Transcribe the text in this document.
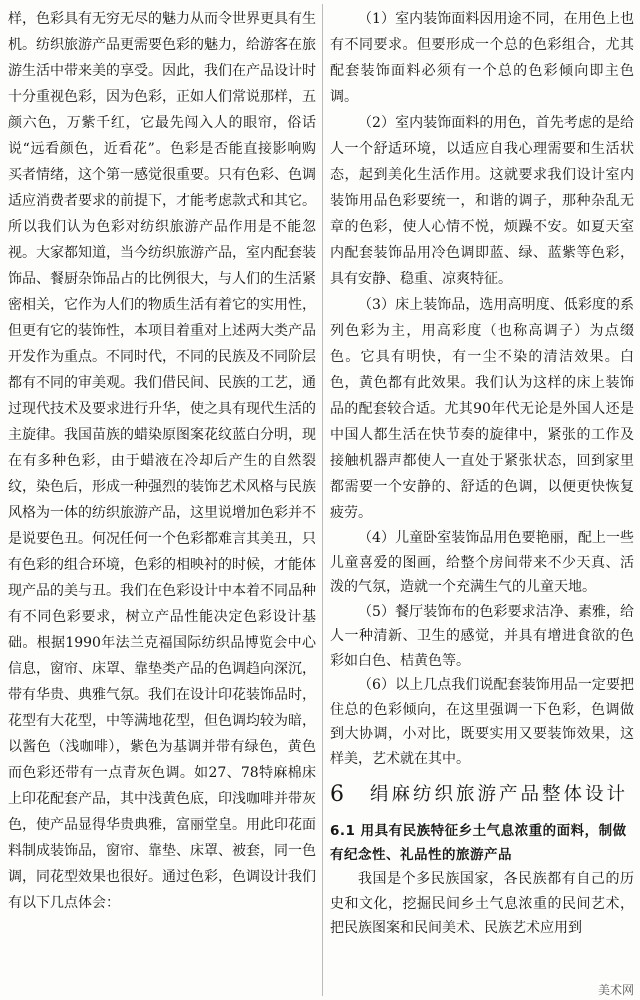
样，色彩具有无穷无尽的魅力从而令世界更具有生机。纺织旅游产品更需要色彩的魅力，给游客在旅游生活中带来美的享受。因此，我们在产品设计时十分重视色彩，因为色彩，正如人们常说那样，五颜六色，万紫千红，它最先闯入人的眼帘，俗话说“远看颜色，近看花”。色彩是否能直接影响购买者情绪，这个第一感觉很重要。只有色彩、色调适应消费者要求的前提下，才能考虑款式和其它。所以我们认为色彩对纺织旅游产品作用是不能忽视。大家都知道，当今纺织旅游产品，室内配套装饰品、餐厨杂饰品占的比例很大，与人们的生活紧密相关，它作为人们的物质生活有着它的实用性，但更有它的装饰性，本项目着重对上述两大类产品开发作为重点。不同时代，不同的民族及不同阶层都有不同的审美观。我们借民间、民族的工艺，通过现代技术及要求进行升华，使之具有现代生活的主旋律。我国苗族的蜡染原图案花纹蓝白分明，现在有多种色彩，由于蜡液在冷却后产生的自然裂纹，染色后，形成一种强烈的装饰艺术风格与民族风格为一体的纺织旅游产品，这里说增加色彩并不是说要色丑。何况任何一个色彩都难言其美丑，只有色彩的组合环境，色彩的相映衬的时候，才能体现产品的美与丑。我们在色彩设计中本着不同品种有不同色彩要求，树立产品性能决定色彩设计基础。根据1990年法兰克福国际纺织品博览会中心信息，窗帘、床罩、靠垫类产品的色调趋向深沉，带有华贵、典雅气氛。我们在设计印花装饰品时，花型有大花型，中等满地花型，但色调均较为暗，以酱色（浅咖啡），紫色为基调并带有绿色，黄色而色彩还带有一点青灰色调。如27、78特麻棉床上印花配套产品，其中浅黄色底，印浅咖啡并带灰色，使产品显得华贵典雅，富丽堂皇。用此印花面料制成装饰品，窗帘、靠垫、床罩、被套，同一色调，同花型效果也很好。通过色彩，色调设计我们有以下几点体会：

（1）室内装饰面料因用途不同，在用色上也有不同要求。但要形成一个总的色彩组合，尤其配套装饰面料必须有一个总的色彩倾向即主色调。

（2）室内装饰面料的用色，首先考虑的是给人一个舒适环境，以适应自我心理需要和生活状态，起到美化生活作用。这就要求我们设计室内装饰用品色彩要统一，和谐的调子，那种杂乱无章的色彩，使人心情不悦，烦躁不安。如夏天室内配套装饰品用冷色调即蓝、绿、蓝紫等色彩，具有安静、稳重、凉爽特征。

（3）床上装饰品，选用高明度、低彩度的系列色彩为主，用高彩度（也称高调子）为点缀色。它具有明快，有一尘不染的清洁效果。白色，黄色都有此效果。我们认为这样的床上装饰品的配套较合适。尤其90年代无论是外国人还是中国人都生活在快节奏的旋律中，紧张的工作及接触机器声都使人一直处于紧张状态，回到家里都需要一个安静的、舒适的色调，以便更快恢复疲劳。

（4）儿童卧室装饰品用色要艳丽，配上一些儿童喜爱的图画，给整个房间带来不少天真、活泼的气氛，造就一个充满生气的儿童天地。

（5）餐厅装饰布的色彩要求洁净、素雅，给人一种清新、卫生的感觉，并具有增进食欲的色彩如白色、桔黄色等。

（6）以上几点我们说配套装饰用品一定要把住总的色彩倾向，在这里强调一下色彩，色调做到大协调，小对比，既要实用又要装饰效果，这样美，艺术就在其中。

6	绢麻纺织旅游产品整体设计
6.1 用具有民族特征乡土气息浓重的面料，制做有纪念性、礼品性的旅游产品

我国是个多民族国家，各民族都有自己的历史和文化，挖掘民间乡土气息浓重的民间艺术，把民族图案和民间美术、民族艺术应用到

美术网
